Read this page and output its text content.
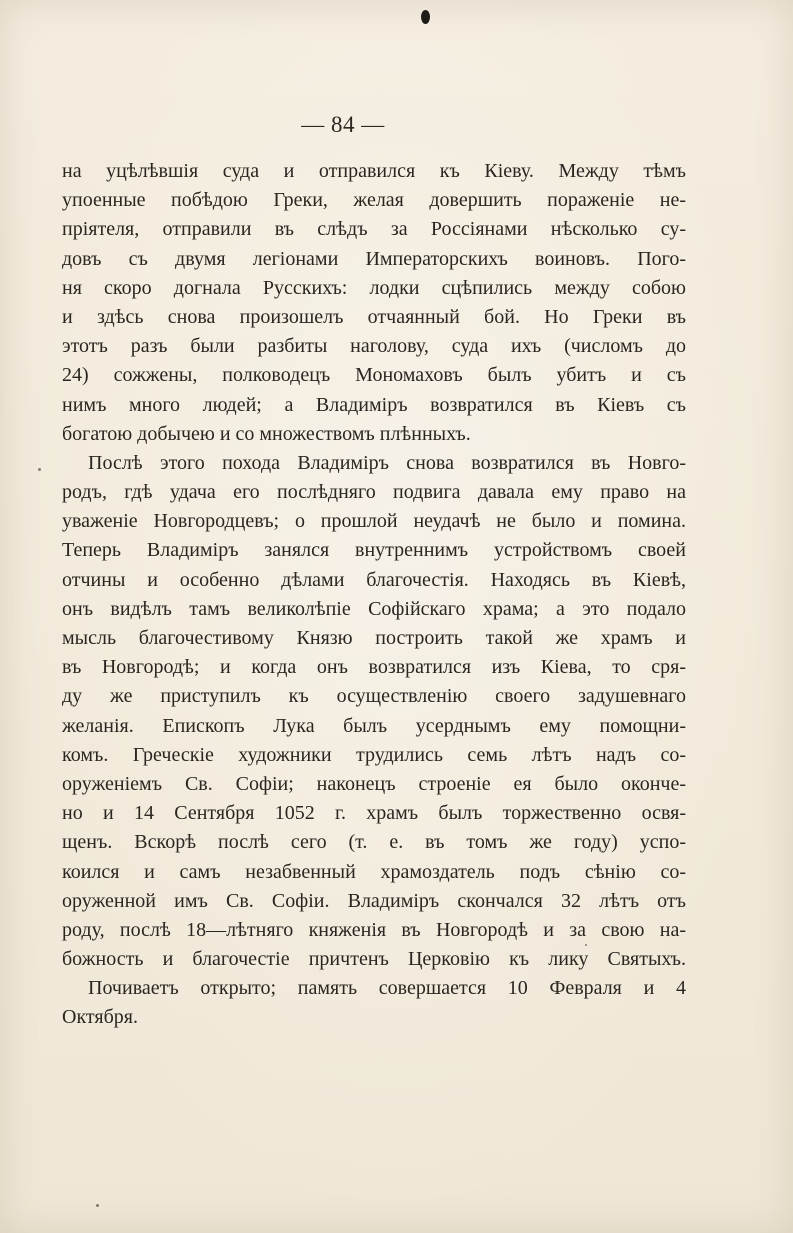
— 84 —
на уцѣлѣвшія суда и отправился къ Кіеву. Между тѣмъ
упоенные побѣдою Греки, желая довершить пораженіе не-
пріятеля, отправили въ слѣдъ за Россіянами нѣсколько су-
довъ съ двумя легіонами Императорскихъ воиновъ. Пого-
ня скоро догнала Русскихъ: лодки сцѣпились между собою
и здѣсь снова произошелъ отчаянный бой. Но Греки въ
этотъ разъ были разбиты наголову, суда ихъ (числомъ до
24) сожжены, полководецъ Мономаховъ былъ убитъ и съ
нимъ много людей; а Владиміръ возвратился въ Кіевъ съ
богатою добычею и со множествомъ плѣнныхъ.
Послѣ этого похода Владиміръ снова возвратился въ Новго-
родъ, гдѣ удача его послѣдняго подвига давала ему право на
уваженіе Новгородцевъ; о прошлой неудачѣ не было и помина.
Теперь Владиміръ занялся внутреннимъ устройствомъ своей
отчины и особенно дѣлами благочестія. Находясь въ Кіевѣ,
онъ видѣлъ тамъ великолѣпіе Софійскаго храма; а это подало
мысль благочестивому Князю построить такой же храмъ и
въ Новгородѣ; и когда онъ возвратился изъ Кіева, то сря-
ду же приступилъ къ осуществленію своего задушевнаго
желанія. Епископъ Лука былъ усерднымъ ему помощни-
комъ. Греческіе художники трудились семь лѣтъ надъ со-
оруженіемъ Св. Софіи; наконецъ строеніе ея было оконче-
но и 14 Сентября 1052 г. храмъ былъ торжественно освя-
щенъ. Вскорѣ послѣ сего (т. е. въ томъ же году) успо-
коился и самъ незабвенный храмоздатель подъ сѣнію со-
оруженной имъ Св. Софіи. Владиміръ скончался 32 лѣтъ отъ
роду, послѣ 18—лѣтняго княженія въ Новгородѣ и за свою на-
божность и благочестіе причтенъ Церковію къ лику Святыхъ.
Почиваетъ открыто; память совершается 10 Февраля и 4
Октября.
